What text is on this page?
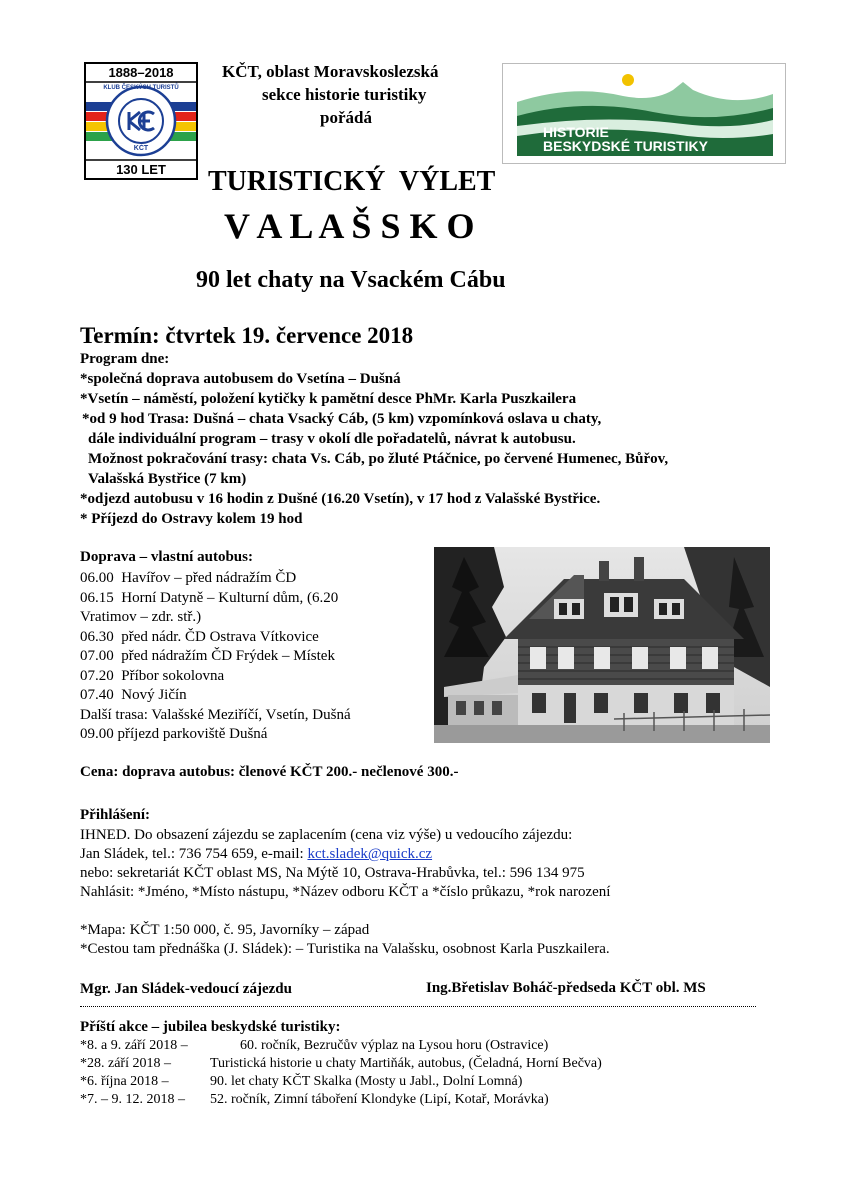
1888–2018
KLUB ČESKÝCH TURISTŮ
KČT
130 LET
KČT, oblast Moravskoslezská
sekce historie turistiky
pořádá
HISTORIE
BESKYDSKÉ TURISTIKY
TURISTICKÝ  VÝLET
V A L A Š S K O
90 let chaty na Vsackém Cábu
Termín: čtvrtek 19. července 2018
Program dne:
*společná doprava autobusem do Vsetína – Dušná
*Vsetín – náměstí, položení kytičky k pamětní desce PhMr. Karla Puszkailera
*od 9 hod Trasa: Dušná – chata Vsacký Cáb, (5 km) vzpomínková oslava u chaty,
dále individuální program – trasy v okolí dle pořadatelů, návrat k autobusu.
Možnost pokračování trasy: chata Vs. Cáb, po žluté Ptáčnice, po červené Humenec, Bůřov,
Valašská Bystřice (7 km)
*odjezd autobusu v 16 hodin z Dušné (16.20 Vsetín), v 17 hod z Valašské Bystřice.
* Příjezd do Ostravy kolem 19 hod
Doprava – vlastní autobus:
06.00  Havířov – před nádražím ČD
06.15  Horní Datyně – Kulturní dům, (6.20
Vratimov – zdr. stř.)
06.30  před nádr. ČD Ostrava Vítkovice
07.00  před nádražím ČD Frýdek – Místek
07.20  Příbor sokolovna
07.40  Nový Jičín
Další trasa: Valašské Meziříčí, Vsetín, Dušná
09.00 příjezd parkoviště Dušná
Cena: doprava autobus: členové KČT 200.- nečlenové 300.-
Přihlášení:
IHNED. Do obsazení zájezdu se zaplacením (cena viz výše) u vedoucího zájezdu:
Jan Sládek, tel.: 736 754 659, e-mail: kct.sladek@quick.cz
nebo: sekretariát KČT oblast MS, Na Mýtě 10, Ostrava-Hrabůvka, tel.: 596 134 975
Nahlásit: *Jméno, *Místo nástupu, *Název odboru KČT a *číslo průkazu, *rok narození
*Mapa: KČT 1:50 000, č. 95, Javorníky – západ
*Cestou tam přednáška (J. Sládek): – Turistika na Valašsku, osobnost Karla Puszkailera.
Mgr. Jan Sládek-vedoucí zájezdu	Ing.Břetislav Boháč-předseda KČT obl. MS
Příští akce – jubilea beskydské turistiky:
*8. a 9. září 2018 –	60. ročník, Bezručův výplaz na Lysou horu (Ostravice)
*28. září 2018 –	Turistická historie u chaty Martiňák, autobus, (Čeladná, Horní Bečva)
*6. října 2018 –	90. let chaty KČT Skalka (Mosty u Jabl., Dolní Lomná)
*7. – 9. 12. 2018 – 52. ročník, Zimní táboření Klondyke (Lipí, Kotař, Morávka)
